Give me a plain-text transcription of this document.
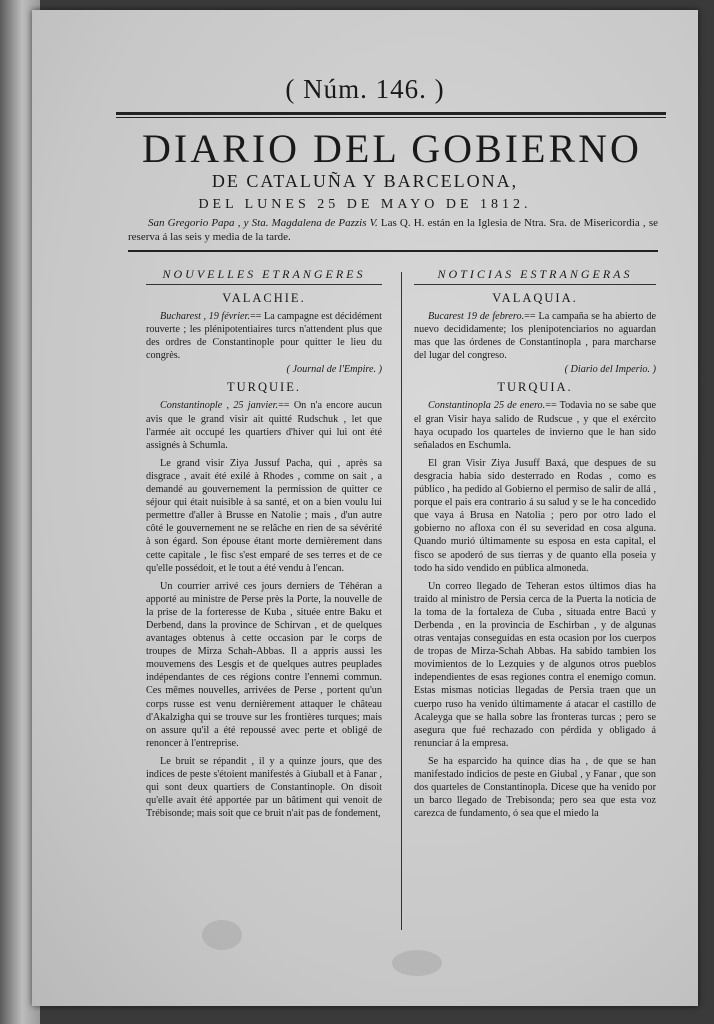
( Núm. 146. )
DIARIO DEL GOBIERNO
DE CATALUÑA Y BARCELONA,
DEL LUNES 25 DE MAYO DE 1812.
San Gregorio Papa , y Sta. Magdalena de Pazzis V. Las Q. H. están en la Iglesia de Ntra. Sra. de Misericordia , se reserva á las seis y media de la tarde.
NOUVELLES ETRANGERES
VALACHIE.

Bucharest , 19 février.== La campagne est décidément rouverte ; les plénipotentiaires turcs n'attendent plus que des ordres de Constantinople pour quitter le lieu du congrès.

( Journal de l'Empire. )
TURQUIE.

Constantinople , 25 janvier.== On n'a encore aucun avis que le grand visir ait quitté Rudschuk , let que l'armée ait occupé les quartiers d'hiver qui lui ont été assignés à Schumla.

Le grand visir Ziya Jussuf Pacha, qui , après sa disgrace , avait été exilé à Rhodes , comme on sait , a demandé au gouvernement la permission de quitter ce séjour qui était nuisible à sa santé, et on a bien voulu lui permettre d'aller à Brusse en Natolie ; mais , d'un autre côté le gouvernement ne se relâche en rien de sa sévérité à son égard. Son épouse étant morte dernièrement dans cette capitale , le fisc s'est emparé de ses terres et de ce qu'elle possédoit, et le tout a été vendu à l'encan.

Un courrier arrivé ces jours derniers de Téhéran a apporté au ministre de Perse près la Porte, la nouvelle de la prise de la forteresse de Kuba , située entre Baku et Derbend, dans la province de Schirvan , et de quelques avantages obtenus à cette occasion par le corps de troupes de Mirza Schah-Abbas. Il a appris aussi les mouvemens des Lesgis et de quelques autres peuplades indépendantes de ces régions contre l'ennemi commun. Ces mêmes nouvelles, arrivées de Perse , portent qu'un corps russe est venu dernièrement attaquer le château d'Akalzigha qui se trouve sur les frontières turques; mais on assure qu'il a été repoussé avec perte et obligé de renoncer à l'entreprise.

Le bruit se répandit , il y a quinze jours, que des indices de peste s'étoient manifestés à Giuball et à Fanar , qui sont deux quartiers de Constantinople. On disoit qu'elle avait été apportée par un bâtiment qui venoit de Trébisonde; mais soit que ce bruit n'ait pas de fondement,

NOTICIAS ESTRANGERAS
VALAQUIA.

Bucarest 19 de febrero.== La campaña se ha abierto de nuevo decididamente; los plenipotenciarios no aguardan mas que las órdenes de Constantinopla , para marcharse del lugar del congreso.

( Diario del Imperio. )
TURQUIA.

Constantinopla 25 de enero.== Todavia no se sabe que el gran Visir haya salido de Rudscue , y que el exército haya ocupado los quarteles de invierno que le han sido señalados en Eschumla.

El gran Visir Ziya Jusuff Baxá, que despues de su desgracia habia sido desterrado en Rodas , como es público , ha pedido al Gobierno el permiso de salir de allá , porque el pais era contrario á su salud y se le ha concedido que vaya á Brusa en Natolia ; pero por otro lado el gobierno no afloxa con él su severidad en cosa alguna. Quando murió últimamente su esposa en esta capital, el fisco se apoderó de sus tierras y de quanto ella poseia y todo ha sido vendido en pública almoneda.

Un correo llegado de Teheran estos últimos dias ha traido al ministro de Persia cerca de la Puerta la noticia de la toma de la fortaleza de Cuba , situada entre Bacú y Derbenda , en la provincia de Eschirban , y de algunas otras ventajas conseguidas en esta ocasion por los cuerpos de tropas de Mirza-Schah Abbas. Ha sabido tambien los movimientos de lo Lezquies y de algunos otros pueblos independientes de esas regiones contra el enemigo comun. Estas mismas noticias llegadas de Persia traen que un cuerpo ruso ha venido últimamente á atacar el castillo de Acaleyga que se halla sobre las fronteras turcas ; pero se asegura que fué rechazado con pérdida y obligado á renunciar á la empresa.

Se ha esparcido ha quince dias ha , de que se han manifestado indicios de peste en Giubal , y Fanar , que son dos quarteles de Constantinopla. Dicese que ha venido por un barco llegado de Trebisonda; pero sea que esta voz carezca de fundamento, ó sea que el miedo la
